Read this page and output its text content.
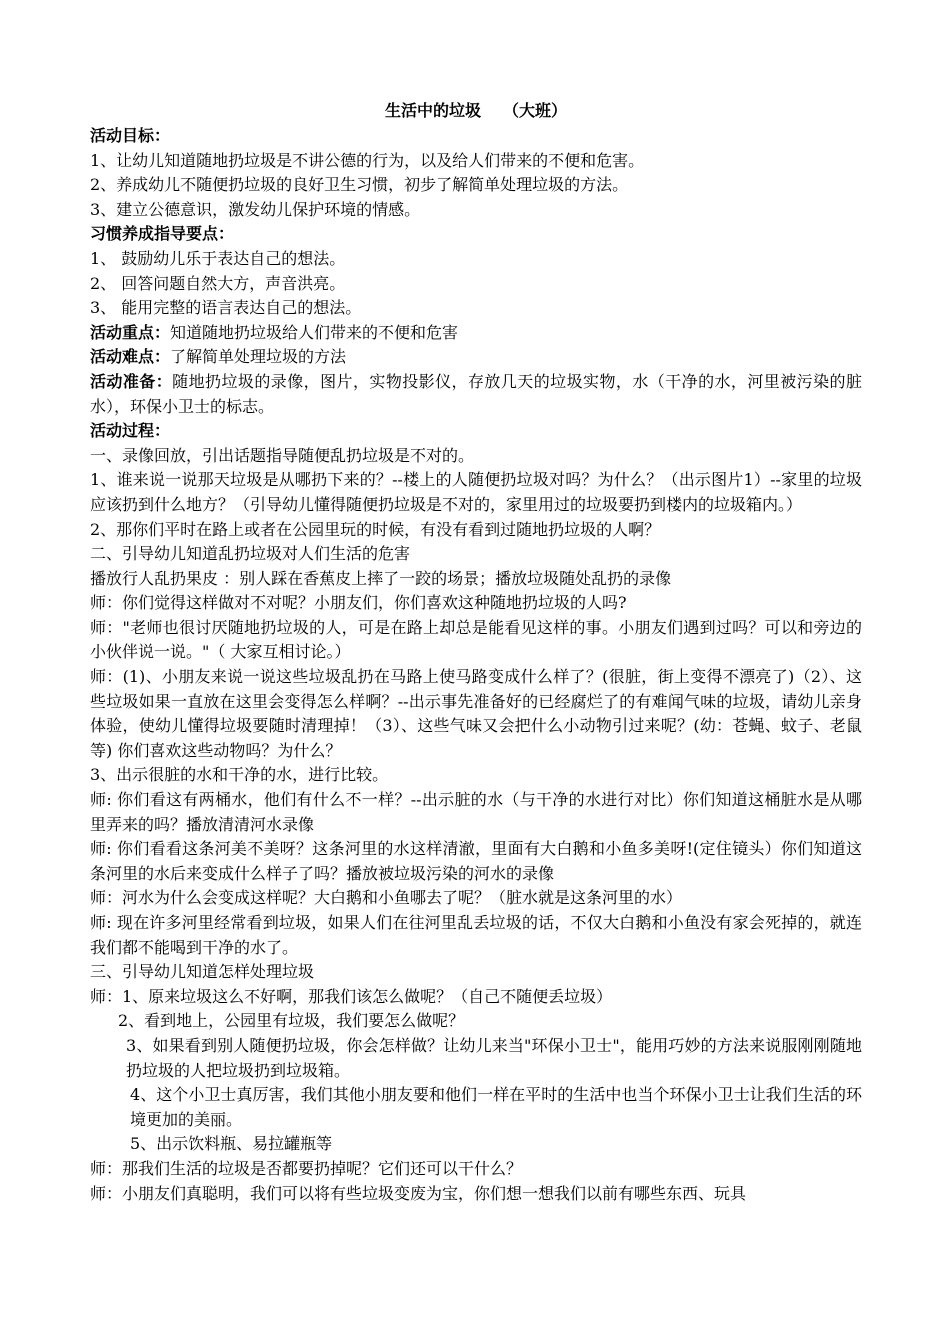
生活中的垃圾 （大班）
活动目标：
1、让幼儿知道随地扔垃圾是不讲公德的行为，以及给人们带来的不便和危害。
2、养成幼儿不随便扔垃圾的良好卫生习惯，初步了解简单处理垃圾的方法。
3、建立公德意识，激发幼儿保护环境的情感。
习惯养成指导要点：
1、 鼓励幼儿乐于表达自己的想法。
2、 回答问题自然大方，声音洪亮。
3、 能用完整的语言表达自己的想法。
活动重点：知道随地扔垃圾给人们带来的不便和危害
活动难点：了解简单处理垃圾的方法
活动准备：随地扔垃圾的录像，图片，实物投影仪，存放几天的垃圾实物，水（干净的水，河里被污染的脏水），环保小卫士的标志。
活动过程：
一、录像回放，引出话题指导随便乱扔垃圾是不对的。
1、谁来说一说那天垃圾是从哪扔下来的？--楼上的人随便扔垃圾对吗？为什么？（出示图片1）--家里的垃圾应该扔到什么地方？（引导幼儿懂得随便扔垃圾是不对的，家里用过的垃圾要扔到楼内的垃圾箱内。）
2、那你们平时在路上或者在公园里玩的时候，有没有看到过随地扔垃圾的人啊？
二、引导幼儿知道乱扔垃圾对人们生活的危害
播放行人乱扔果皮 ：别人踩在香蕉皮上摔了一跤的场景；播放垃圾随处乱扔的录像
师：你们觉得这样做对不对呢？小朋友们，你们喜欢这种随地扔垃圾的人吗?
师："老师也很讨厌随地扔垃圾的人，可是在路上却总是能看见这样的事。小朋友们遇到过吗？可以和旁边的小伙伴说一说。"（ 大家互相讨论。）
师：(1)、小朋友来说一说这些垃圾乱扔在马路上使马路变成什么样了？(很脏，街上变得不漂亮了)（2）、这些垃圾如果一直放在这里会变得怎么样啊？--出示事先准备好的已经腐烂了的有难闻气味的垃圾，请幼儿亲身体验，使幼儿懂得垃圾要随时清理掉！（3）、这些气味又会把什么小动物引过来呢？(幼：苍蝇、蚊子、老鼠等) 你们喜欢这些动物吗？为什么？
3、出示很脏的水和干净的水，进行比较。
师: 你们看这有两桶水，他们有什么不一样？--出示脏的水（与干净的水进行对比）你们知道这桶脏水是从哪里弄来的吗？播放清清河水录像
师: 你们看看这条河美不美呀？这条河里的水这样清澈，里面有大白鹅和小鱼多美呀!(定住镜头）你们知道这条河里的水后来变成什么样子了吗？播放被垃圾污染的河水的录像
师：河水为什么会变成这样呢？大白鹅和小鱼哪去了呢？（脏水就是这条河里的水）
师: 现在许多河里经常看到垃圾，如果人们在往河里乱丢垃圾的话，不仅大白鹅和小鱼没有家会死掉的，就连我们都不能喝到干净的水了。
三、引导幼儿知道怎样处理垃圾
师：1、原来垃圾这么不好啊，那我们该怎么做呢？（自己不随便丢垃圾）
2、看到地上，公园里有垃圾，我们要怎么做呢？
3、如果看到别人随便扔垃圾，你会怎样做？让幼儿来当"环保小卫士"，能用巧妙的方法来说服刚刚随地扔垃圾的人把垃圾扔到垃圾箱。
4、这个小卫士真厉害，我们其他小朋友要和他们一样在平时的生活中也当个环保小卫士让我们生活的环境更加的美丽。
5、出示饮料瓶、易拉罐瓶等
师：那我们生活的垃圾是否都要扔掉呢？它们还可以干什么？
师：小朋友们真聪明，我们可以将有些垃圾变废为宝，你们想一想我们以前有哪些东西、玩具
